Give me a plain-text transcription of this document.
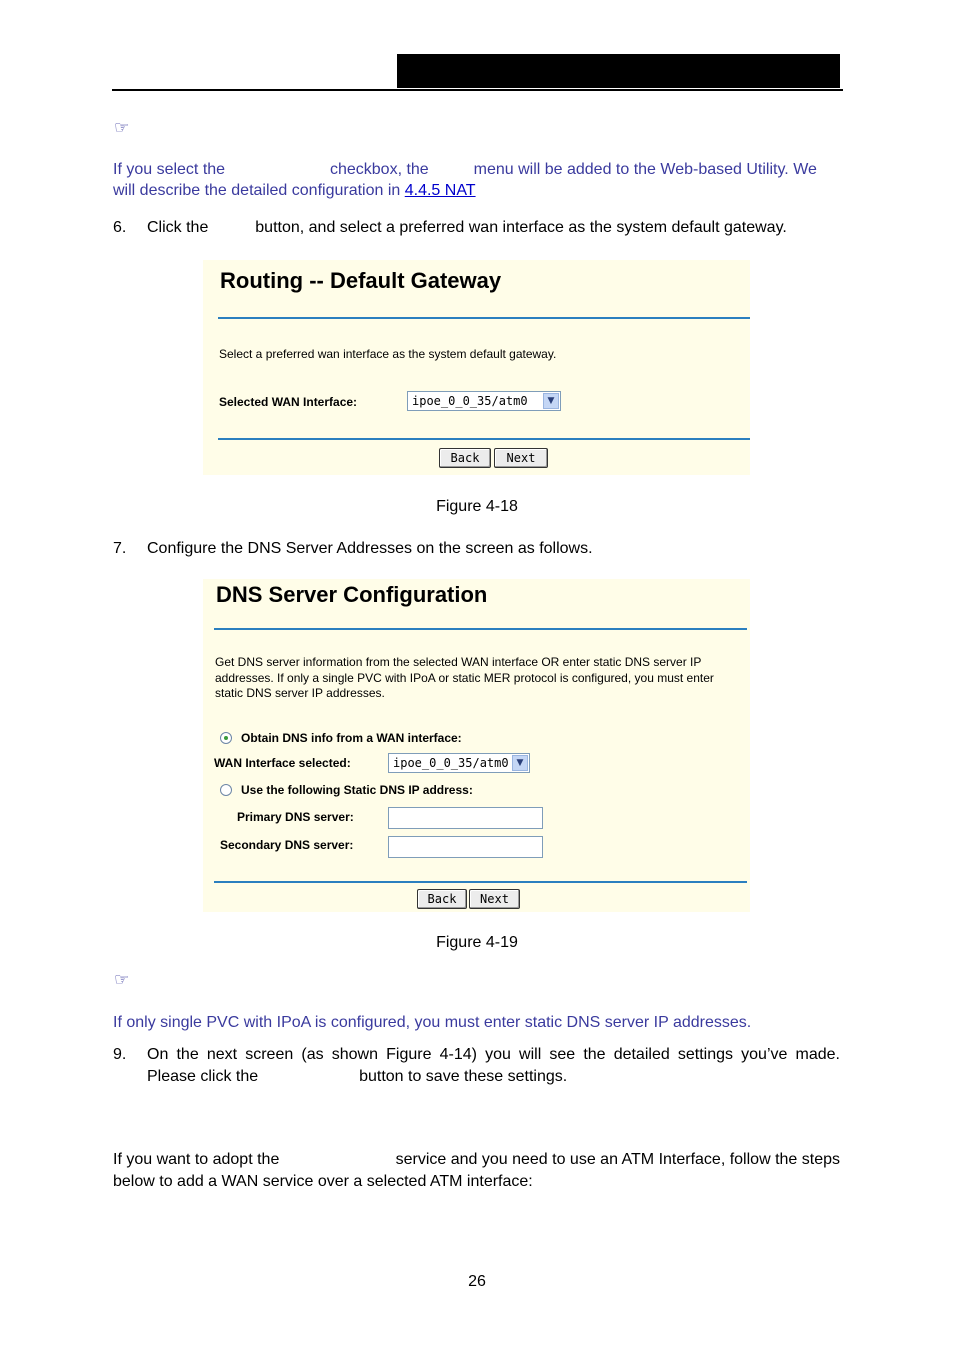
☞
If you select the	checkbox, the	menu will be added to the Web-based Utility. We
will describe the detailed configuration in 4.4.5 NAT
6. Click the	button, and select a preferred wan interface as the system default gateway.
Routing -- Default Gateway
Select a preferred wan interface as the system default gateway.
Selected WAN Interface:	ipoe_0_0_35/atm0	▼
Back	Next
Figure 4-18
7. Configure the DNS Server Addresses on the screen as follows.
DNS Server Configuration
Get DNS server information from the selected WAN interface OR enter static DNS server IP
addresses. If only a single PVC with IPoA or static MER protocol is configured, you must enter
static DNS server IP addresses.
Obtain DNS info from a WAN interface:
WAN Interface selected:	ipoe_0_0_35/atm0 ▼
Use the following Static DNS IP address:
Primary DNS server:
Secondary DNS server:
Back	Next
Figure 4-19
☞
If only single PVC with IPoA is configured, you must enter static DNS server IP addresses.
9. On the next screen (as shown Figure 4-14) you will see the detailed settings you’ve made.
Please click the	button to save these settings.
If you want to adopt the	service and you need to use an ATM Interface, follow the steps
below to add a WAN service over a selected ATM interface:
26
